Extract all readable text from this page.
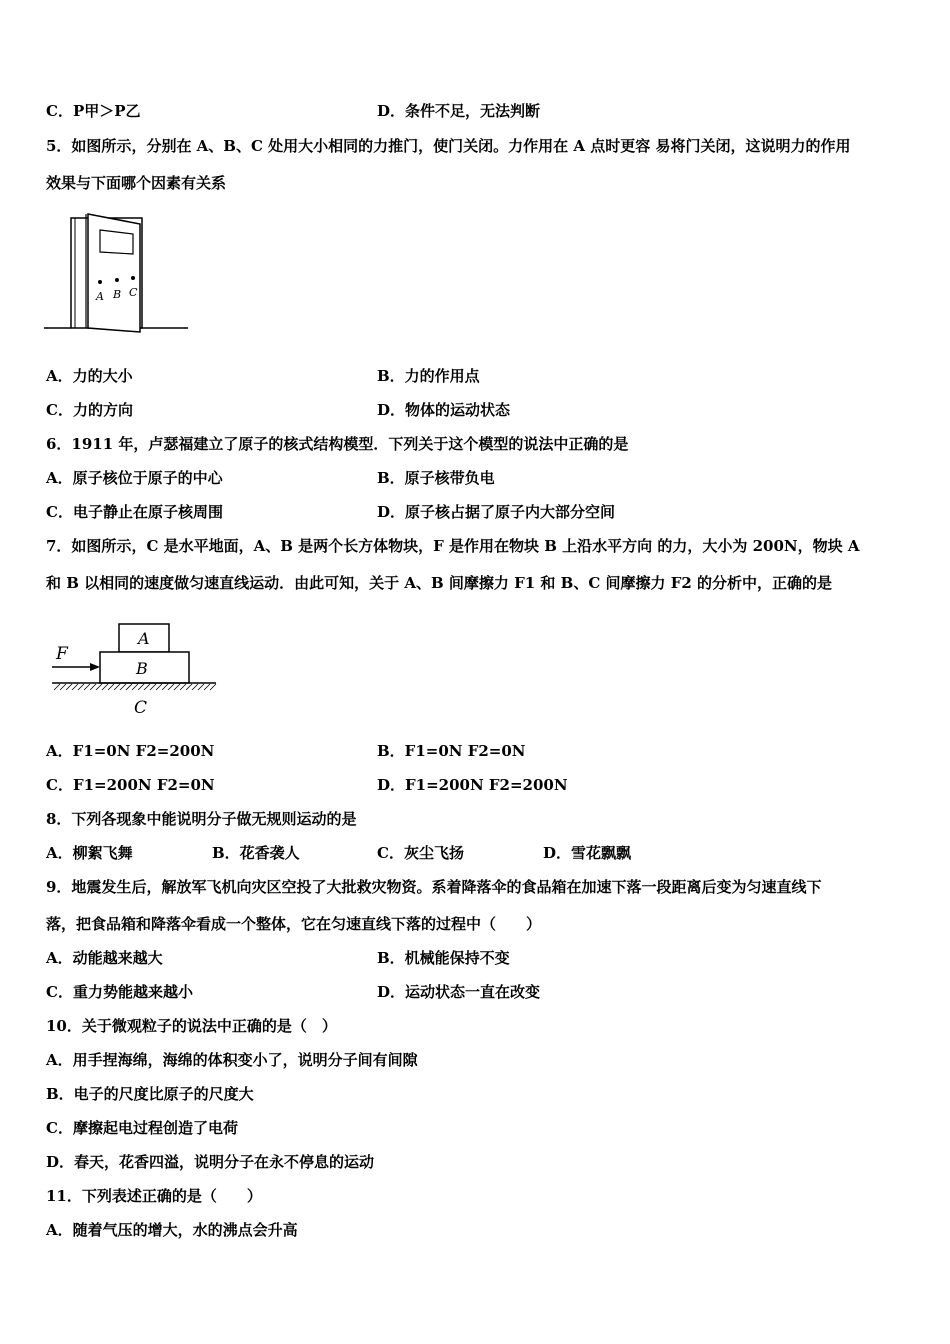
C．P甲＞P乙	D．条件不足，无法判断
5．如图所示，分别在 A、B、C 处用大小相同的力推门，使门关闭。力作用在 A 点时更容 易将门关闭，这说明力的作用
效果与下面哪个因素有关系
A B C
A．力的大小	B．力的作用点
C．力的方向	D．物体的运动状态
6．1911 年，卢瑟福建立了原子的核式结构模型．下列关于这个模型的说法中正确的是
A．原子核位于原子的中心	B．原子核带负电
C．电子静止在原子核周围	D．原子核占据了原子内大部分空间
7．如图所示，C 是水平地面，A、B 是两个长方体物块，F 是作用在物块 B 上沿水平方向 的力，大小为 200N，物块 A
和 B 以相同的速度做匀速直线运动．由此可知，关于 A、B 间摩擦力 F1 和 B、C 间摩擦力 F2 的分析中，正确的是
F
A
B
C
A．F1=0N F2=200N	B．F1=0N F2=0N
C．F1=200N F2=0N	D．F1=200N F2=200N
8．下列各现象中能说明分子做无规则运动的是
A．柳絮飞舞	B．花香袭人	C．灰尘飞扬	D．雪花飘飘
9．地震发生后，解放军飞机向灾区空投了大批救灾物资。系着降落伞的食品箱在加速下落一段距离后变为匀速直线下
落，把食品箱和降落伞看成一个整体，它在匀速直线下落的过程中（　　）
A．动能越来越大	B．机械能保持不变
C．重力势能越来越小	D．运动状态一直在改变
10．关于微观粒子的说法中正确的是（　）
A．用手捏海绵，海绵的体积变小了，说明分子间有间隙
B．电子的尺度比原子的尺度大
C．摩擦起电过程创造了电荷
D．春天，花香四溢，说明分子在永不停息的运动
11．下列表述正确的是（　　）
A．随着气压的增大，水的沸点会升高
